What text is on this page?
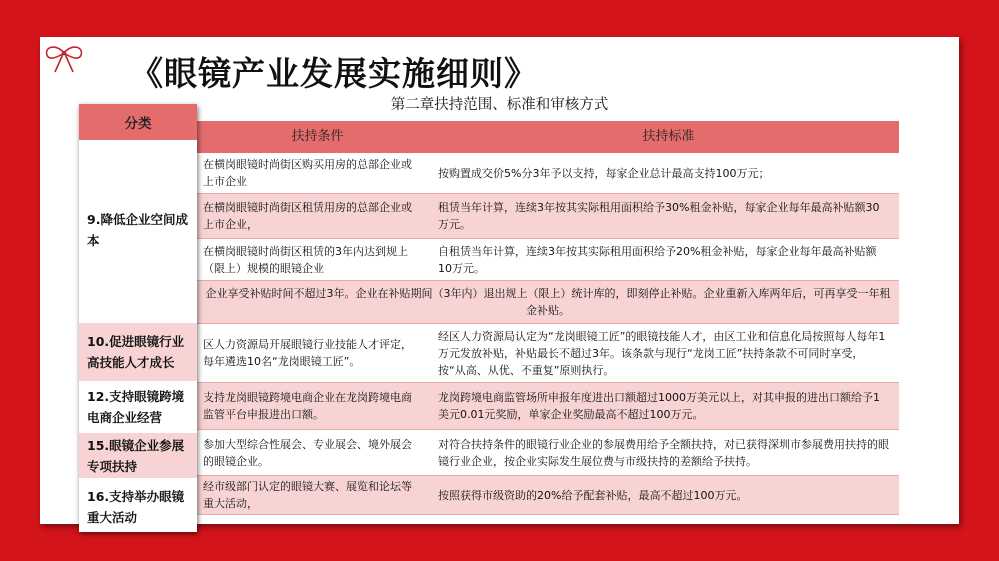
《眼镜产业发展实施细则》
第二章扶持范围、标准和审核方式
扶持条件	扶持标准
在横岗眼镜时尚街区购买用房的总部企业或上市企业
按购置成交价5%分3年予以支持，每家企业总计最高支持100万元；
在横岗眼镜时尚街区租赁用房的总部企业或上市企业，
租赁当年计算，连续3年按其实际租用面积给予30%租金补贴，每家企业每年最高补贴额30万元。
在横岗眼镜时尚街区租赁的3年内达到规上（限上）规模的眼镜企业
自租赁当年计算，连续3年按其实际租用面积给予20%租金补贴，每家企业每年最高补贴额10万元。
企业享受补贴时间不超过3年。企业在补贴期间（3年内）退出规上（限上）统计库的，即刻停止补贴。企业重新入库两年后，可再享受一年租金补贴。
区人力资源局开展眼镜行业技能人才评定，每年遴选10名“龙岗眼镜工匠”。
经区人力资源局认定为“龙岗眼镜工匠”的眼镜技能人才，由区工业和信息化局按照每人每年1万元发放补贴，补贴最长不超过3年。该条款与现行“龙岗工匠”扶持条款不可同时享受，按“从高、从优、不重复”原则执行。
支持龙岗眼镜跨境电商企业在龙岗跨境电商监管平台申报进出口额。
龙岗跨境电商监管场所申报年度进出口额超过1000万美元以上，对其申报的进出口额给予1美元0.01元奖励，单家企业奖励最高不超过100万元。
参加大型综合性展会、专业展会、境外展会的眼镜企业。
对符合扶持条件的眼镜行业企业的参展费用给予全额扶持，对已获得深圳市参展费用扶持的眼镜行业企业，按企业实际发生展位费与市级扶持的差额给予扶持。
经市级部门认定的眼镜大赛、展览和论坛等重大活动，
按照获得市级资助的20%给予配套补贴，最高不超过100万元。
分类
9.降低企业空间成本
10.促进眼镜行业高技能人才成长
12.支持眼镜跨境电商企业经营
15.眼镜企业参展专项扶持
16.支持举办眼镜重大活动
